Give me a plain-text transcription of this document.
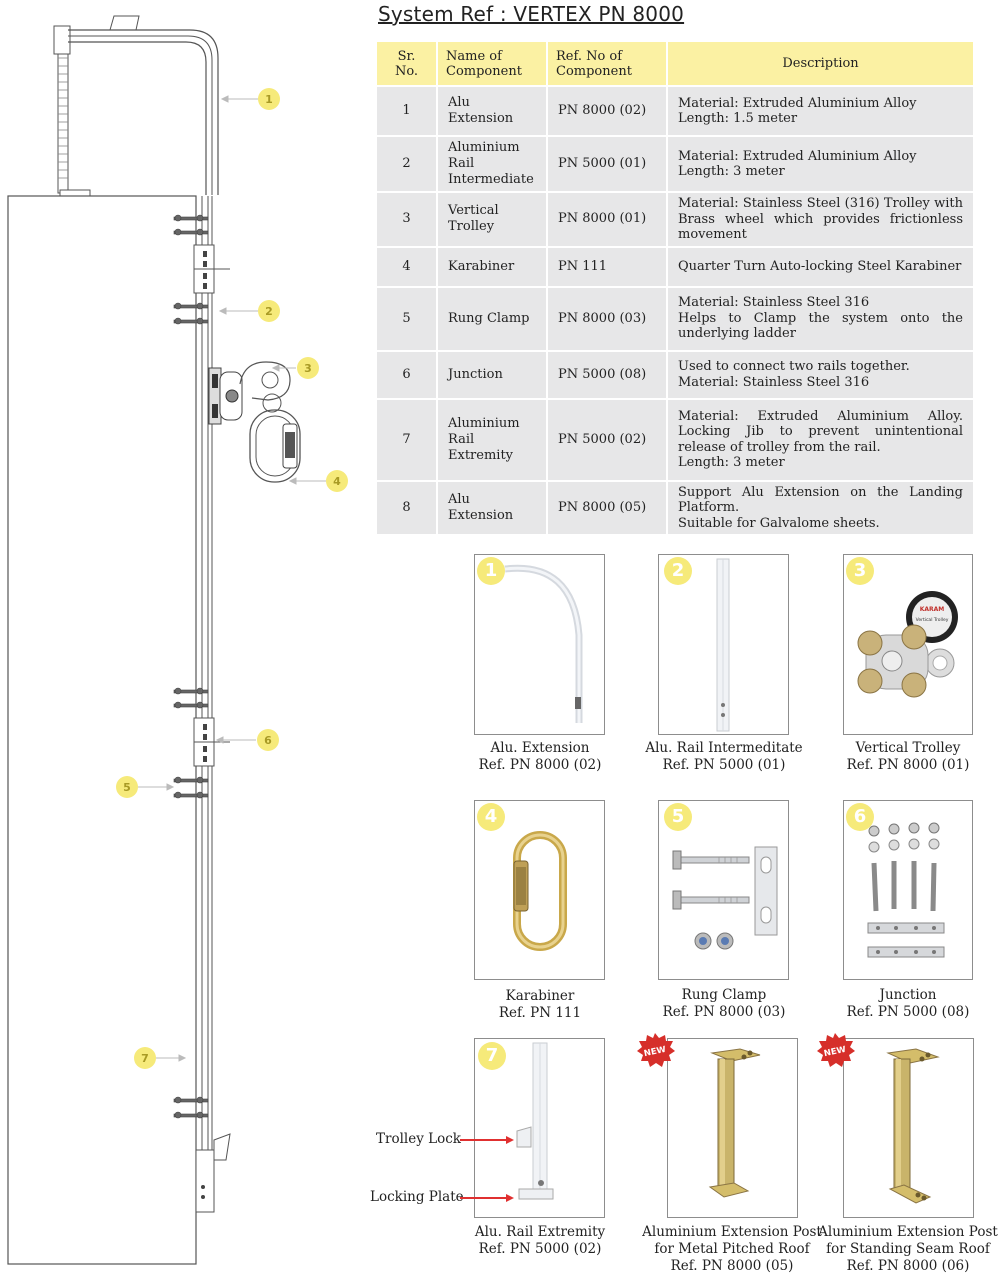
1
2
3
4
6
5
7
System Ref : VERTEX PN 8000
Sr. No.	Name of Component	Ref. No of Component	Description
1	Alu Extension	PN 8000 (02)	Material: Extruded Aluminium Alloy
Length: 1.5 meter

2	Aluminium Rail Intermediate	PN 5000 (01)	Material: Extruded Aluminium Alloy
Length: 3 meter

3	Vertical Trolley	PN 8000 (01)	Material: Stainless Steel (316) Trolley with Brass wheel which provides frictionless movement

4	Karabiner	PN 111	Quarter Turn Auto-locking Steel Karabiner

5	Rung Clamp	PN 8000 (03)	Material: Stainless Steel 316
Helps to Clamp the system onto the underlying ladder

6	Junction	PN 5000 (08)	Used to connect two rails together.
Material: Stainless Steel 316

7	Aluminium Rail Extremity	PN 5000 (02)	Material: Extruded Aluminium Alloy. Locking Jib to prevent unintentional release of trolley from the rail.
Length: 3 meter

8	Alu Extension	PN 8000 (05)	Support Alu Extension on the Landing Platform.
Suitable for Galvalome sheets.
1
Alu. Extension
Ref. PN 8000 (02)
2
Alu. Rail Intermeditate
Ref. PN 5000 (01)
KARAM
Vertical Trolley
3
Vertical Trolley
Ref. PN 8000 (01)
4
Karabiner
Ref. PN 111
5
Rung Clamp
Ref. PN 8000 (03)
6
Junction
Ref. PN 5000 (08)
7
Alu. Rail Extremity
Ref. PN 5000 (02)
Trolley Lock
Locking Plate
NEW
Aluminium Extension Post
for Metal Pitched Roof
Ref. PN 8000 (05)
NEW
Aluminium Extension Post
for Standing Seam Roof
Ref. PN 8000 (06)
